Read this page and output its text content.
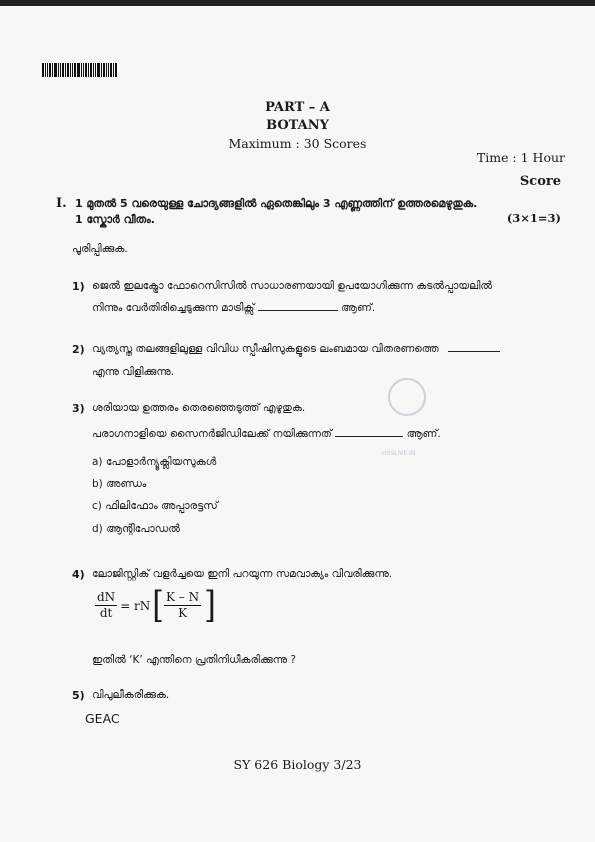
PART – A
BOTANY
Maximum : 30 Scores
Time : 1 Hour
Score
I. 1 മുതൽ 5 വരെയുള്ള ചോദ്യങ്ങളിൽ ഏതെങ്കിലും 3 എണ്ണത്തിന് ഉത്തരമെഴുതുക.
1 സ്കോർ വീതം.	(3×1=3)
പൂരിപ്പിക്കുക.
1) ജെൽ ഇലക്ട്രോ ഫോറെസിസിൽ സാധാരണയായി ഉപയോഗിക്കുന്ന കടൽപ്പായലിൽ
നിന്നും വേർതിരിച്ചെടുക്കുന്ന മാട്രിക്സ്	ആണ്.
2) വ്യത്യസ്ത തലങ്ങളിലുള്ള വിവിധ സ്പീഷിസുകളുടെ ലംബമായ വിതരണത്തെ
എന്നു വിളിക്കുന്നു.
3) ശരിയായ ഉത്തരം തെരഞ്ഞെടുത്ത് എഴുതുക.
പരാഗനാളിയെ സൈനർജിഡിലേക്ക് നയിക്കുന്നത്	ആണ്.
a) പോളാർന്യൂക്ലിയസുകൾ
b) അണ്ഡം
c) ഫിലിഫോം അപ്പാരട്ടസ്
d) ആന്റിപോഡൽ
4) ലോജിസ്റ്റിക് വളർച്ചയെ ഇനി പറയുന്ന സമവാക്യം വിവരിക്കുന്നു.
$\frac{dN}{dt}$ = rN [ $\frac{K - N}{K}$ ]
ഇതിൽ ‘K’ എന്തിനെ പ്രതിനിധീകരിക്കുന്നു ?
5) വിപുലീകരിക്കുക.
GEAC
HSSLIVE.IN
SY 626 Biology 3/23
